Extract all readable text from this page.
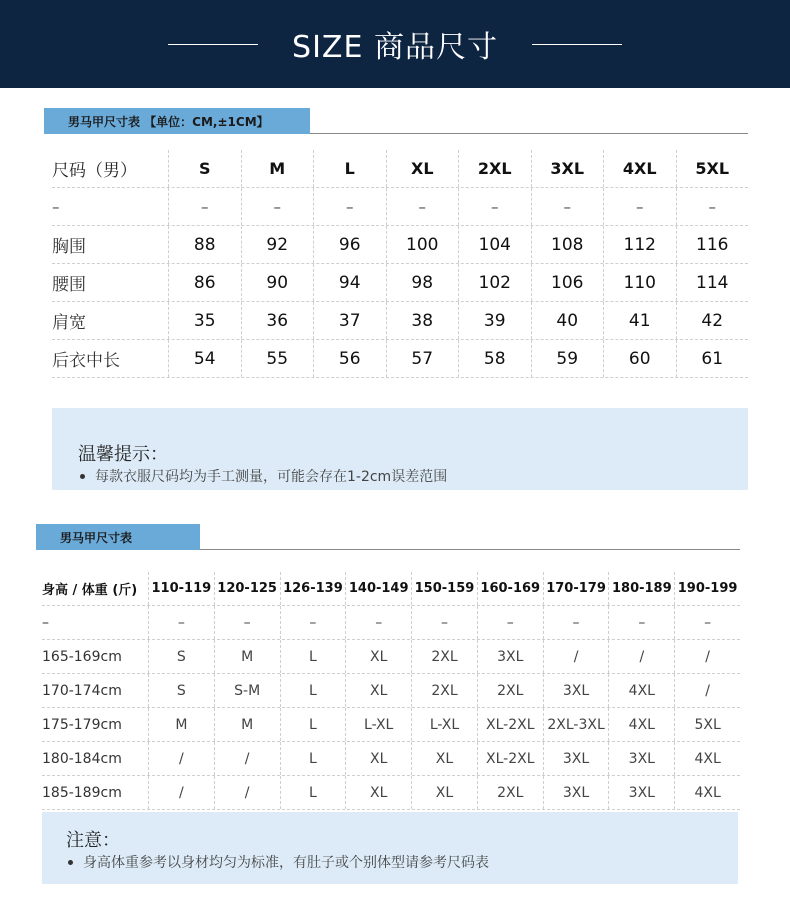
SIZE 商品尺寸
男马甲尺寸表 【单位：CM,±1CM】
尺码（男）	S	M	L	XL	2XL	3XL	4XL	5XL
–	–	–	–	–	–	–	–	–
胸围	88	92	96	100	104	108	112	116
腰围	86	90	94	98	102	106	110	114
肩宽	35	36	37	38	39	40	41	42
后衣中长	54	55	56	57	58	59	60	61
温馨提示：
每款衣服尺码均为手工测量，可能会存在1-2cm误差范围
男马甲尺寸表
身高 / 体重 (斤)	110-119 120-125 126-139 140-149 150-159 160-169 170-179 180-189 190-199
–	–	–	–	–	–	–	–	–	–
165-169cm	S	M	L	XL	2XL	3XL	/	/	/
170-174cm	S	S-M	L	XL	2XL	2XL	3XL	4XL	/
175-179cm	M	M	L	L-XL	L-XL	XL-2XL 2XL-3XL	4XL	5XL
180-184cm	/	/	L	XL	XL	XL-2XL	3XL	3XL	4XL
185-189cm	/	/	L	XL	XL	2XL	3XL	3XL	4XL
注意：
身高体重参考以身材均匀为标准，有肚子或个别体型请参考尺码表
